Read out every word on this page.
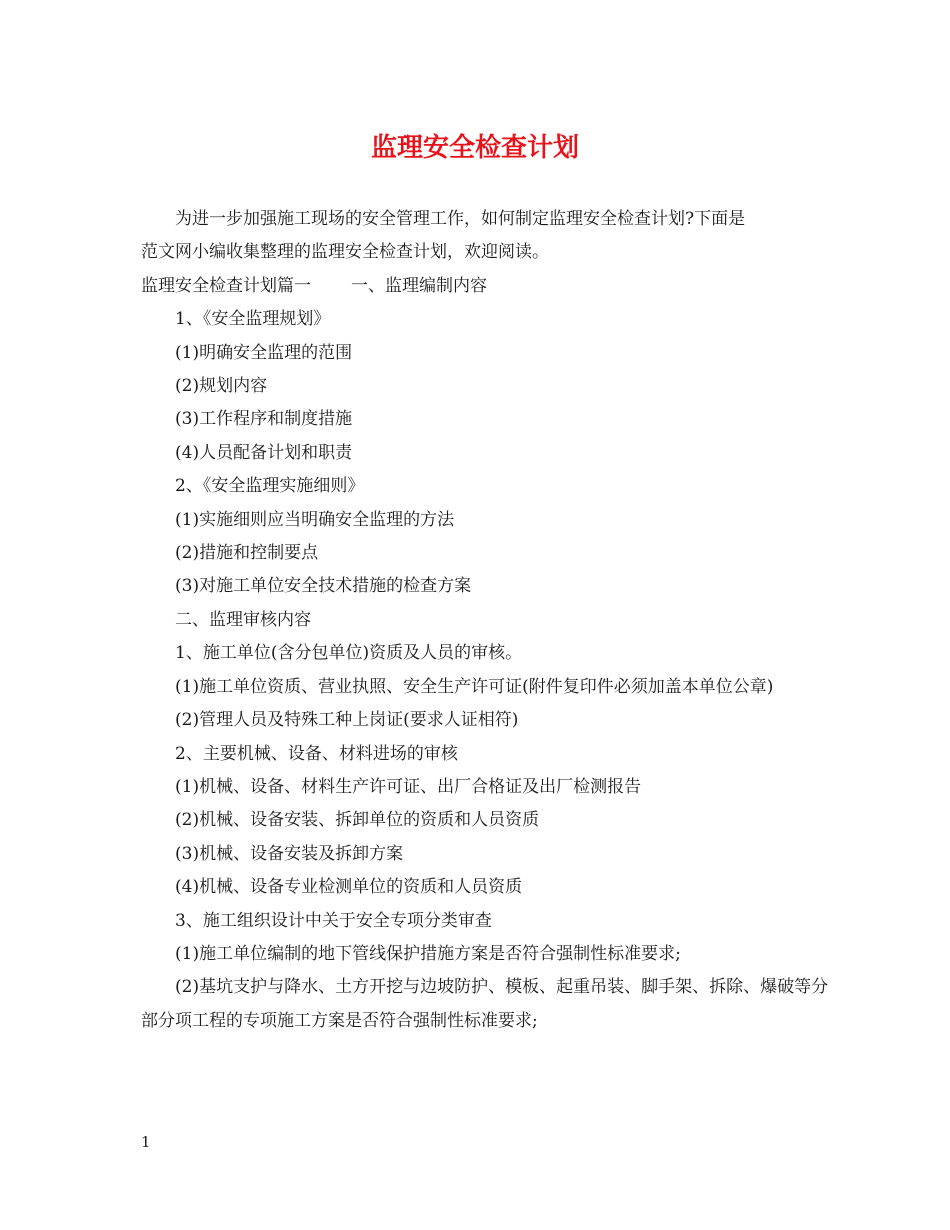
监理安全检查计划

为进一步加强施工现场的安全管理工作，如何制定监理安全检查计划?下面是

范文网小编收集整理的监理安全检查计划，欢迎阅读。

监理安全检查计划篇一 一、监理编制内容

1、《安全监理规划》

(1)明确安全监理的范围

(2)规划内容

(3)工作程序和制度措施

(4)人员配备计划和职责

2、《安全监理实施细则》

(1)实施细则应当明确安全监理的方法

(2)措施和控制要点

(3)对施工单位安全技术措施的检查方案

二、监理审核内容

1、施工单位(含分包单位)资质及人员的审核。

(1)施工单位资质、营业执照、安全生产许可证(附件复印件必须加盖本单位公章)

(2)管理人员及特殊工种上岗证(要求人证相符)

2、主要机械、设备、材料进场的审核

(1)机械、设备、材料生产许可证、出厂合格证及出厂检测报告

(2)机械、设备安装、拆卸单位的资质和人员资质

(3)机械、设备安装及拆卸方案

(4)机械、设备专业检测单位的资质和人员资质

3、施工组织设计中关于安全专项分类审查

(1)施工单位编制的地下管线保护措施方案是否符合强制性标准要求;

(2)基坑支护与降水、土方开挖与边坡防护、模板、起重吊装、脚手架、拆除、爆破等分部分项工程的专项施工方案是否符合强制性标准要求;

1
